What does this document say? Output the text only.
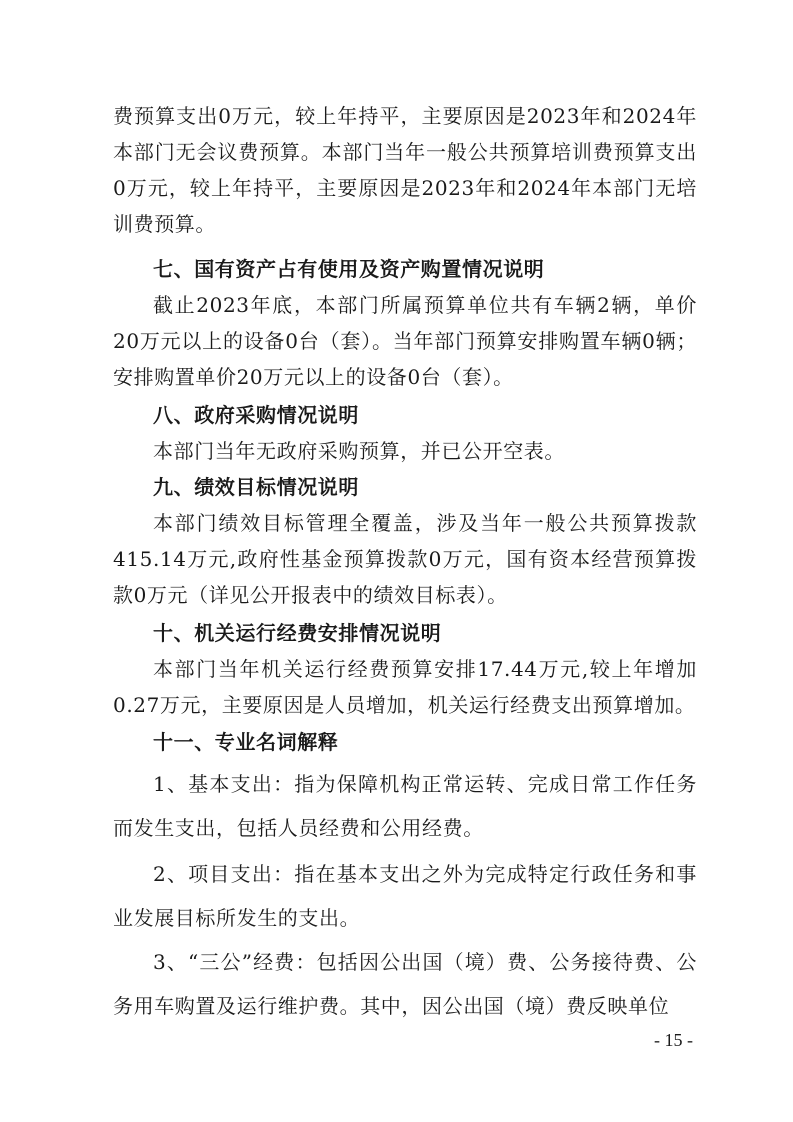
费预算支出0万元，较上年持平，主要原因是2023年和2024年本部门无会议费预算。本部门当年一般公共预算培训费预算支出0万元，较上年持平，主要原因是2023年和2024年本部门无培训费预算。
七、国有资产占有使用及资产购置情况说明
截止2023年底，本部门所属预算单位共有车辆2辆，单价20万元以上的设备0台（套）。当年部门预算安排购置车辆0辆；安排购置单价20万元以上的设备0台（套）。
八、政府采购情况说明
本部门当年无政府采购预算，并已公开空表。
九、绩效目标情况说明
本部门绩效目标管理全覆盖，涉及当年一般公共预算拨款415.14万元,政府性基金预算拨款0万元，国有资本经营预算拨款0万元（详见公开报表中的绩效目标表）。
十、机关运行经费安排情况说明
本部门当年机关运行经费预算安排17.44万元,较上年增加0.27万元，主要原因是人员增加，机关运行经费支出预算增加。
十一、专业名词解释
1、基本支出：指为保障机构正常运转、完成日常工作任务而发生支出，包括人员经费和公用经费。
2、项目支出：指在基本支出之外为完成特定行政任务和事业发展目标所发生的支出。
3、“三公”经费：包括因公出国（境）费、公务接待费、公务用车购置及运行维护费。其中，因公出国（境）费反映单位
- 15 -
